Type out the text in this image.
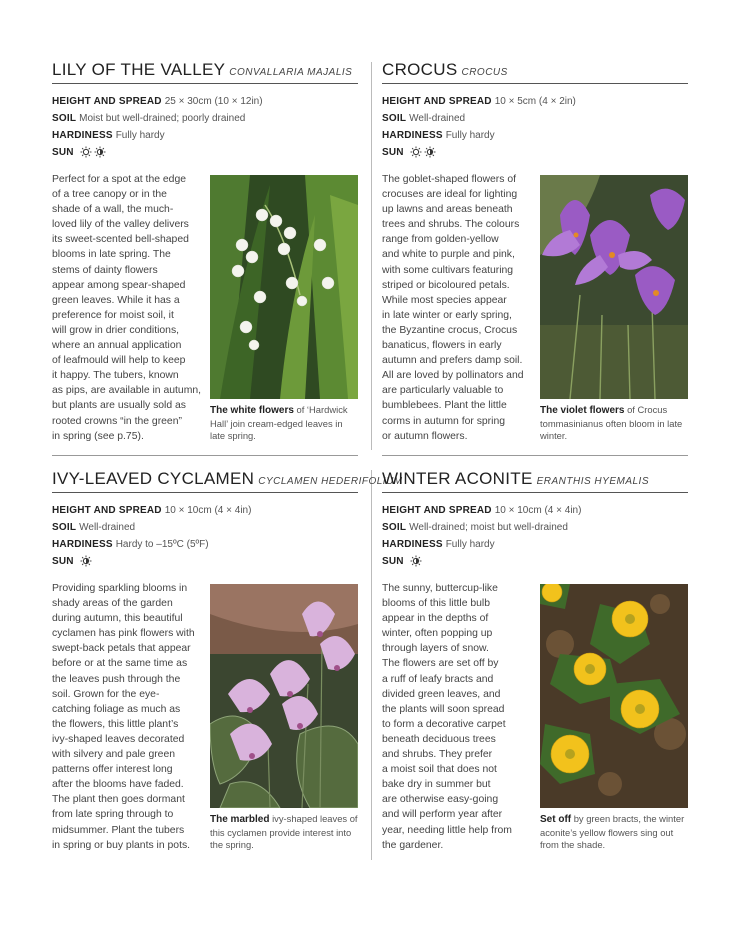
LILY OF THE VALLEY CONVALLARIA MAJALIS
HEIGHT AND SPREAD 25 × 30cm (10 × 12in)
SOIL Moist but well-drained; poorly drained
HARDINESS Fully hardy
SUN
Perfect for a spot at the edge
of a tree canopy or in the
shade of a wall, the much-
loved lily of the valley delivers
its sweet-scented bell-shaped
blooms in late spring. The
stems of dainty flowers
appear among spear-shaped
green leaves. While it has a
preference for moist soil, it
will grow in drier conditions,
where an annual application
of leafmould will help to keep
it happy. The tubers, known
as pips, are available in autumn,
but plants are usually sold as
rooted crowns “in the green”
in spring (see p.75).
The white flowers of ‘Hardwick Hall’ join cream-edged leaves in late spring.
CROCUS CROCUS
HEIGHT AND SPREAD 10 × 5cm (4 × 2in)
SOIL Well-drained
HARDINESS Fully hardy
SUN
The goblet-shaped flowers of
crocuses are ideal for lighting
up lawns and areas beneath
trees and shrubs. The colours
range from golden-yellow
and white to purple and pink,
with some cultivars featuring
striped or bicoloured petals.
While most species appear
in late winter or early spring,
the Byzantine crocus, Crocus
banaticus, flowers in early
autumn and prefers damp soil.
All are loved by pollinators and
are particularly valuable to
bumblebees. Plant the little
corms in autumn for spring
or autumn flowers.
The violet flowers of Crocus tommasinianus often bloom in late winter.
IVY-LEAVED CYCLAMEN CYCLAMEN HEDERIFOLIUM
HEIGHT AND SPREAD 10 × 10cm (4 × 4in)
SOIL Well-drained
HARDINESS Hardy to –15ºC (5ºF)
SUN
Providing sparkling blooms in
shady areas of the garden
during autumn, this beautiful
cyclamen has pink flowers with
swept-back petals that appear
before or at the same time as
the leaves push through the
soil. Grown for the eye-
catching foliage as much as
the flowers, this little plant’s
ivy-shaped leaves decorated
with silvery and pale green
patterns offer interest long
after the blooms have faded.
The plant then goes dormant
from late spring through to
midsummer. Plant the tubers
in spring or buy plants in pots.
The marbled ivy-shaped leaves of this cyclamen provide interest into the spring.
WINTER ACONITE ERANTHIS HYEMALIS
HEIGHT AND SPREAD 10 × 10cm (4 × 4in)
SOIL Well-drained; moist but well-drained
HARDINESS Fully hardy
SUN
The sunny, buttercup-like
blooms of this little bulb
appear in the depths of
winter, often popping up
through layers of snow.
The flowers are set off by
a ruff of leafy bracts and
divided green leaves, and
the plants will soon spread
to form a decorative carpet
beneath deciduous trees
and shrubs. They prefer
a moist soil that does not
bake dry in summer but
are otherwise easy-going
and will perform year after
year, needing little help from
the gardener.
Set off by green bracts, the winter aconite’s yellow flowers sing out from the shade.
